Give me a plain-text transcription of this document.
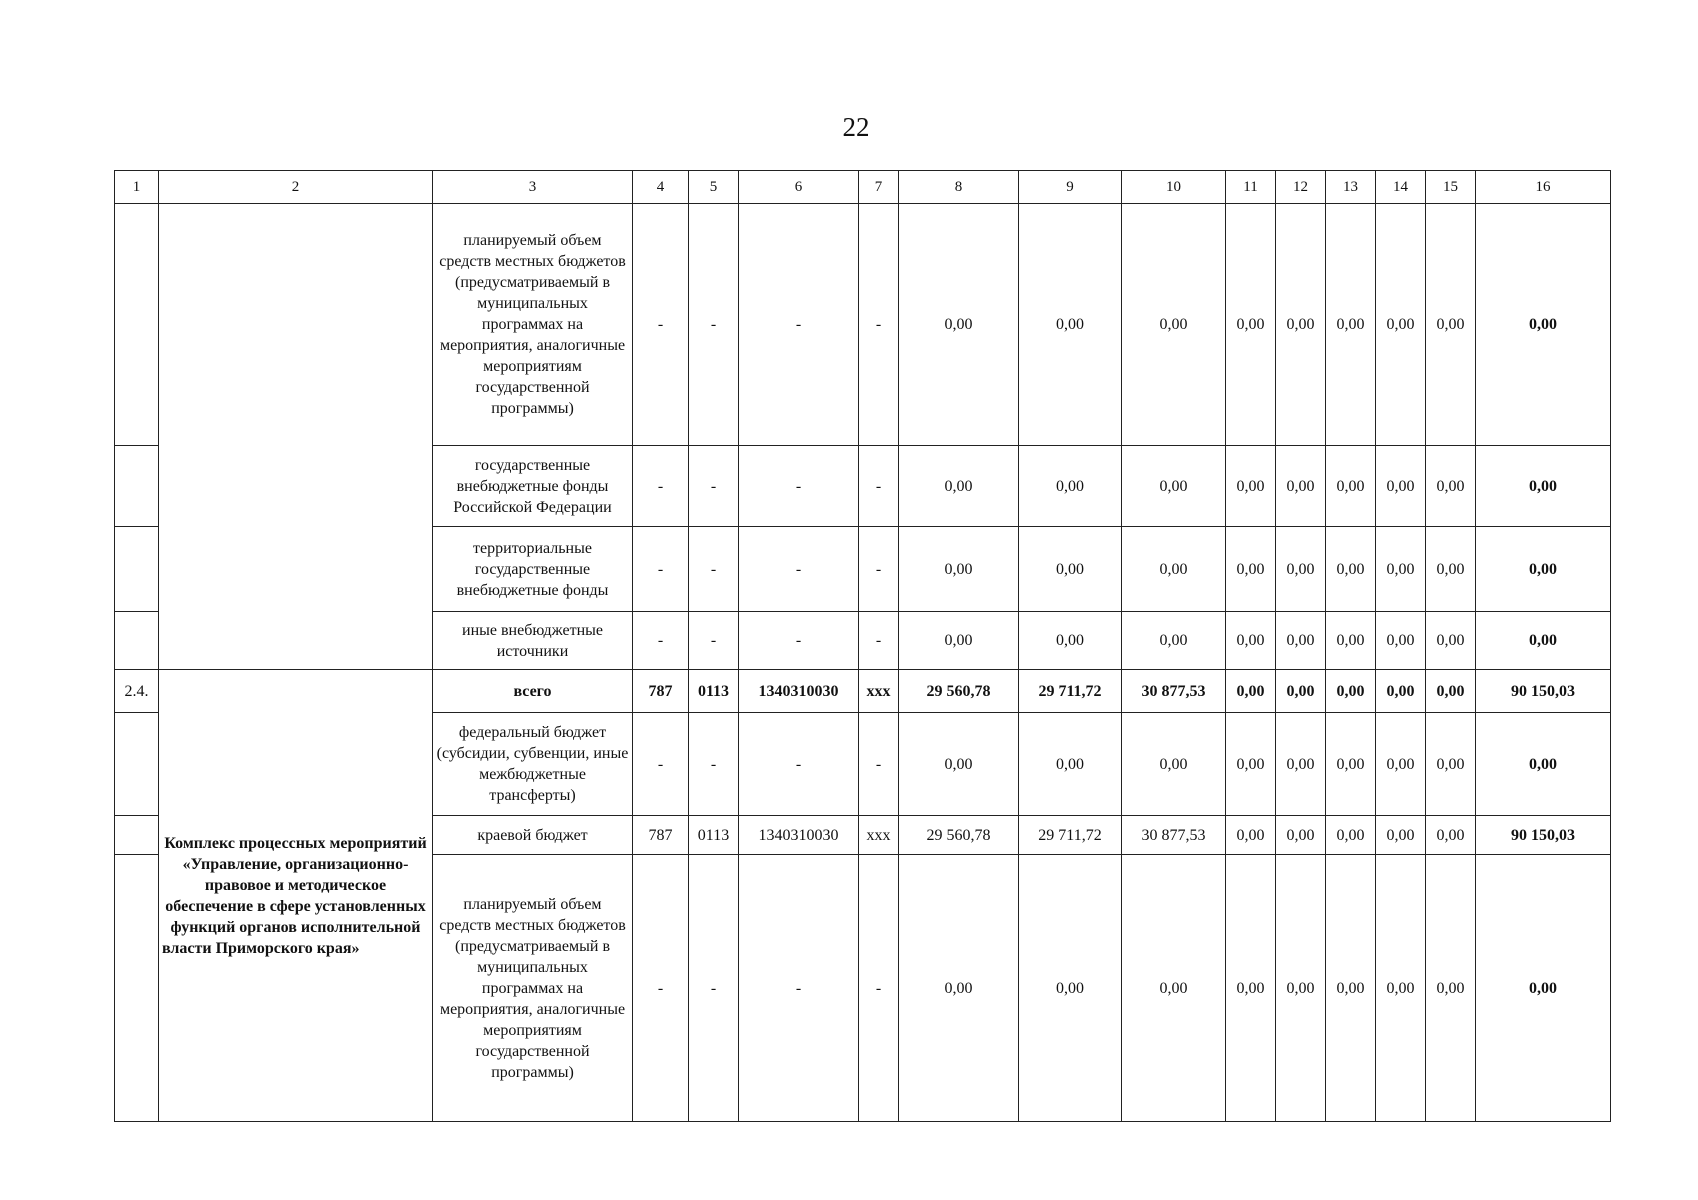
22
1	2	3	4	5	6	7	8	9	10	11	12	13	14	15	16
		планируемый объем средств местных бюджетов (предусматриваемый в муниципальных программах на мероприятия, аналогичные мероприятиям государственной программы)	-	-	-	-	0,00	0,00	0,00	0,00	0,00	0,00	0,00	0,00	0,00
		государственные внебюджетные фонды Российской Федерации	-	-	-	-	0,00	0,00	0,00	0,00	0,00	0,00	0,00	0,00	0,00
		территориальные государственные внебюджетные фонды	-	-	-	-	0,00	0,00	0,00	0,00	0,00	0,00	0,00	0,00	0,00
		иные внебюджетные источники	-	-	-	-	0,00	0,00	0,00	0,00	0,00	0,00	0,00	0,00	0,00
2.4.	Комплекс процессных мероприятий «Управление, организационно-правовое и методическое обеспечение в сфере установленных функций органов исполнительной власти Приморского края»	всего	787	0113	1340310030	ххх	29 560,78	29 711,72	30 877,53	0,00	0,00	0,00	0,00	0,00	90 150,03
		федеральный бюджет (субсидии, субвенции, иные межбюджетные трансферты)	-	-	-	-	0,00	0,00	0,00	0,00	0,00	0,00	0,00	0,00	0,00
		краевой бюджет	787	0113	1340310030	ххх	29 560,78	29 711,72	30 877,53	0,00	0,00	0,00	0,00	0,00	90 150,03
		планируемый объем средств местных бюджетов (предусматриваемый в муниципальных программах на мероприятия, аналогичные мероприятиям государственной программы)	-	-	-	-	0,00	0,00	0,00	0,00	0,00	0,00	0,00	0,00	0,00
